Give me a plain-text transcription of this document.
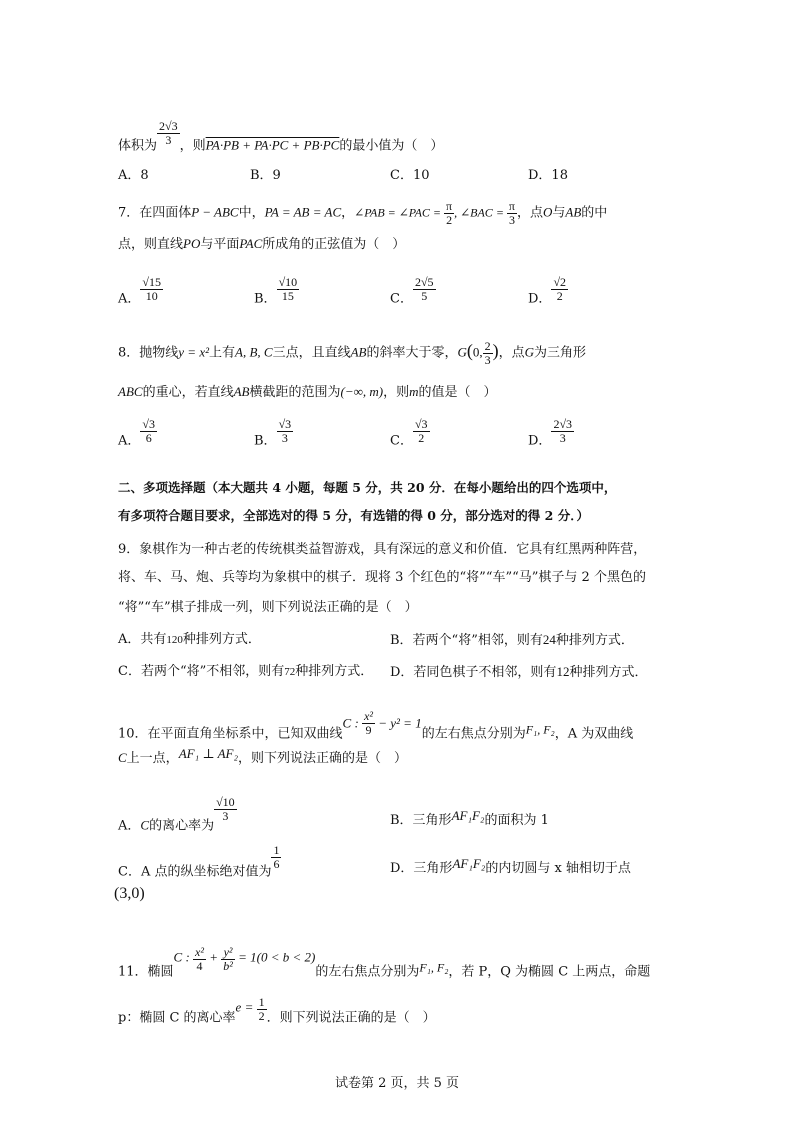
体积为 $\frac{2√3}{3}$ ，则PA·PB + PA·PC + PB·PC的最小值为（　）
A．8	B．9	C．10	D．18
7．在四面体P − ABC中，PA = AB = AC，∠PAB = ∠PAC = $\frac{\pi}{2}$ , ∠BAC = $\frac{\pi}{3}$ ，点O与AB的中
点，则直线PO与平面PAC所成角的正弦值为（　）
A． $\frac{√15}{10}$	B． $\frac{√10}{15}$	C． $\frac{2√5}{5}$	D． $\frac{√2}{2}$
8．抛物线y = x²上有A, B, C三点，且直线AB的斜率大于零，G(0, $\frac{2}{3}$ )，点G为三角形
ABC的重心，若直线AB横截距的范围为(−∞, m)，则m的值是（　）
A． $\frac{√3}{6}$	B． $\frac{√3}{3}$	C． $\frac{√3}{2}$	D． $\frac{2√3}{3}$
二、多项选择题（本大题共 4 小题，每题 5 分，共 20 分．在每小题给出的四个选项中，
有多项符合题目要求，全部选对的得 5 分，有选错的得 0 分，部分选对的得 2 分．）
9．象棋作为一种古老的传统棋类益智游戏，具有深远的意义和价值．它具有红黑两种阵营，
将、车、马、炮、兵等均为象棋中的棋子．现将 3 个红色的“将”“车”“马”棋子与 2 个黑色的
“将”“车”棋子排成一列，则下列说法正确的是（　）
A．共有120种排列方式．	B．若两个“将”相邻，则有24种排列方式．
C．若两个“将”不相邻，则有72种排列方式． D．若同色棋子不相邻，则有12种排列方式．
10．在平面直角坐标系中，已知双曲线C : $\frac{\text{x²}}{9} - y^2 = 1$的左右焦点分别为F₁, F₂，A 为双曲线
C上一点，AF₁ ⊥ AF₂，则下列说法正确的是（　）
A．C的离心率为
$\frac{√10}{3}$	B．三角形AF₁F₂的面积为 1
C．A 点的纵坐标绝对值为
$\frac{1}{6}$	D．三角形AF₁F₂的内切圆与 x 轴相切于点
(3,0)
11．椭圆C : $\frac{\text{x²}}{4} + \frac{\text{y²}}{\text{b²}} = 1(0 < b < 2)$的左右焦点分别为F₁, F₂，若 P，Q 为椭圆 C 上两点，命题
p：椭圆 C 的离心率$e = \frac{1}{2}$ ．则下列说法正确的是（　）
试卷第 2 页，共 5 页
